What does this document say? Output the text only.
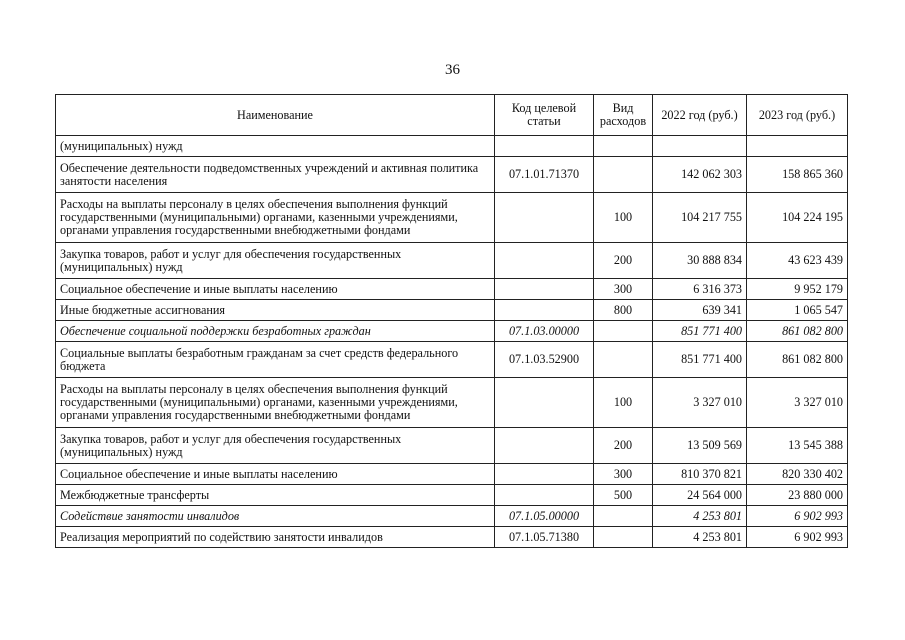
36
Наименование	Код целевой статьи	Вид расходов	2022 год (руб.)	2023 год (руб.)
(муниципальных) нужд				
Обеспечение деятельности подведомственных учреждений и активная политика занятости населения	07.1.01.71370		142 062 303	158 865 360
Расходы на выплаты персоналу в целях обеспечения выполнения функций государственными (муниципальными) органами, казенными учреждениями, органами управления государственными внебюджетными фондами		100	104 217 755	104 224 195
Закупка товаров, работ и услуг для обеспечения государственных (муниципальных) нужд		200	30 888 834	43 623 439
Социальное обеспечение и иные выплаты населению		300	6 316 373	9 952 179
Иные бюджетные ассигнования		800	639 341	1 065 547
Обеспечение социальной поддержки безработных граждан	07.1.03.00000		851 771 400	861 082 800
Социальные выплаты безработным гражданам за счет средств федерального бюджета	07.1.03.52900		851 771 400	861 082 800
Расходы на выплаты персоналу в целях обеспечения выполнения функций государственными (муниципальными) органами, казенными учреждениями, органами управления государственными внебюджетными фондами		100	3 327 010	3 327 010
Закупка товаров, работ и услуг для обеспечения государственных (муниципальных) нужд		200	13 509 569	13 545 388
Социальное обеспечение и иные выплаты населению		300	810 370 821	820 330 402
Межбюджетные трансферты		500	24 564 000	23 880 000
Содействие занятости инвалидов	07.1.05.00000		4 253 801	6 902 993
Реализация мероприятий по содействию занятости инвалидов	07.1.05.71380		4 253 801	6 902 993
